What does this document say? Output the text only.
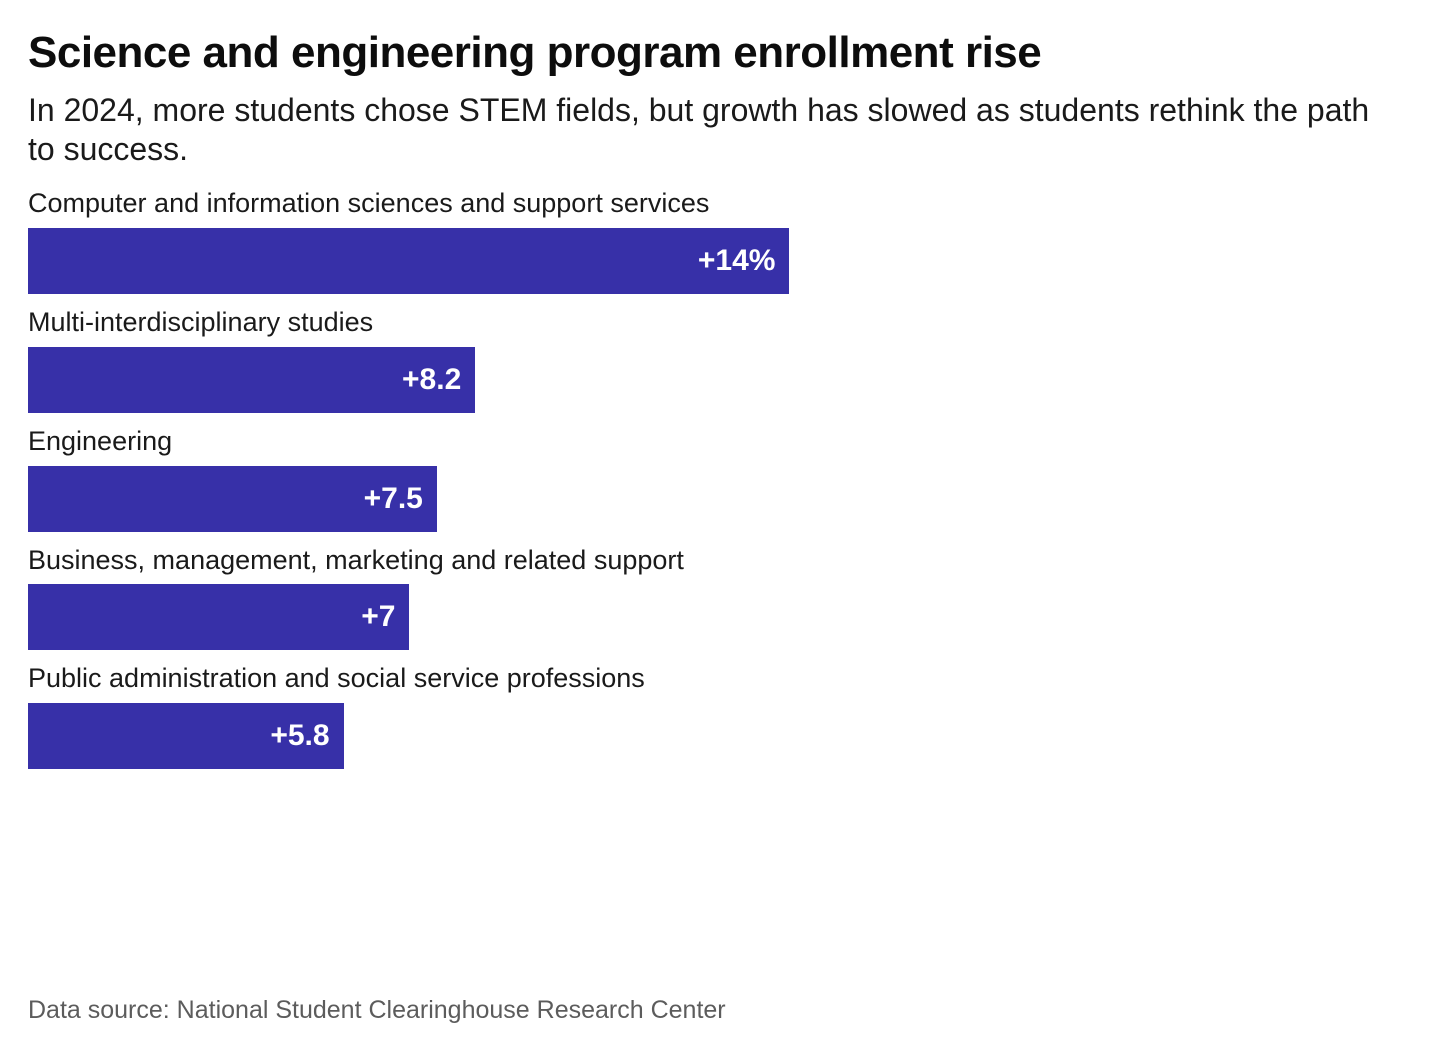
Science and engineering program enrollment rise

In 2024, more students chose STEM fields, but growth has slowed as students rethink the path to success.

Computer and information sciences and support services
+14%
Multi-interdisciplinary studies
+8.2
Engineering
+7.5
Business, management, marketing and related support
+7
Public administration and social service professions
+5.8
Data source: National Student Clearinghouse Research Center
